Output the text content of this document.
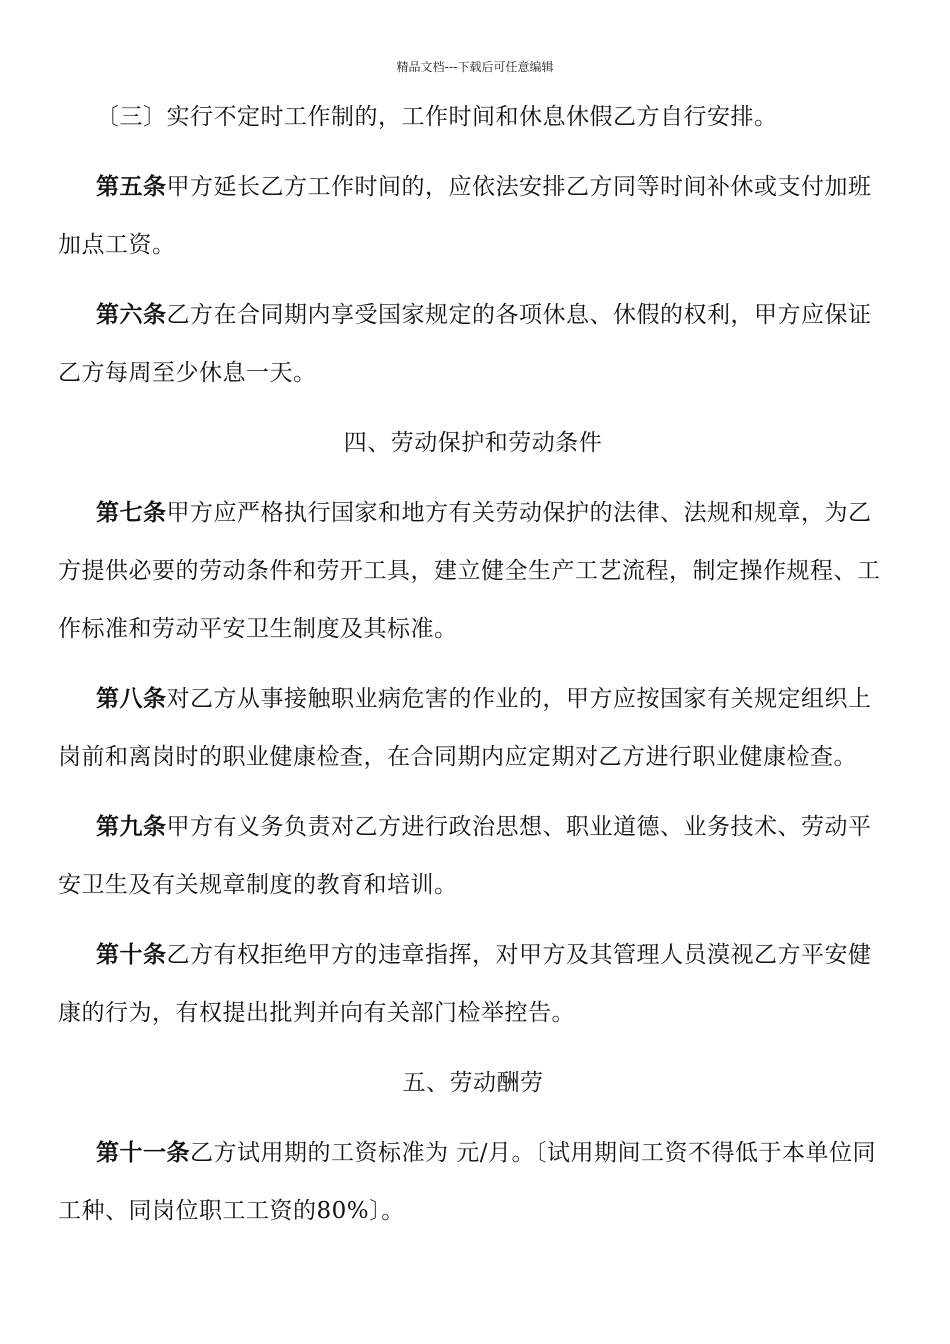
精品文档---下载后可任意编辑

〔三〕实行不定时工作制的，工作时间和休息休假乙方自行安排。

第五条甲方延长乙方工作时间的，应依法安排乙方同等时间补休或支付加班加点工资。

第六条乙方在合同期内享受国家规定的各项休息、休假的权利，甲方应保证乙方每周至少休息一天。

四、劳动保护和劳动条件

第七条甲方应严格执行国家和地方有关劳动保护的法律、法规和规章，为乙方提供必要的劳动条件和劳开工具，建立健全生产工艺流程，制定操作规程、工作标准和劳动平安卫生制度及其标准。

第八条对乙方从事接触职业病危害的作业的，甲方应按国家有关规定组织上岗前和离岗时的职业健康检查，在合同期内应定期对乙方进行职业健康检查。

第九条甲方有义务负责对乙方进行政治思想、职业道德、业务技术、劳动平安卫生及有关规章制度的教育和培训。

第十条乙方有权拒绝甲方的违章指挥，对甲方及其管理人员漠视乙方平安健康的行为，有权提出批判并向有关部门检举控告。

五、劳动酬劳

第十一条乙方试用期的工资标准为 元/月。〔试用期间工资不得低于本单位同工种、同岗位职工工资的80%〕。
